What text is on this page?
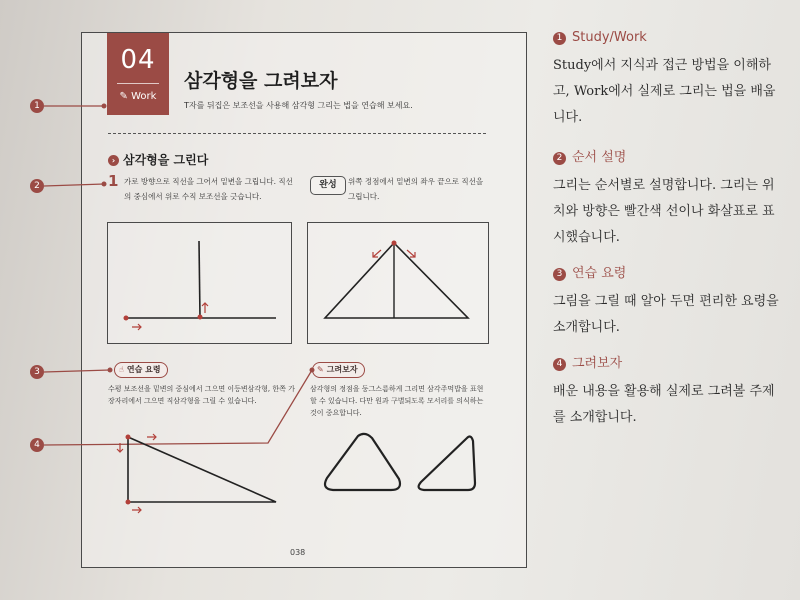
04
✎ Work
삼각형을 그려보자
T자를 뒤집은 보조선을 사용해 삼각형 그리는 법을 연습해 보세요.
› 삼각형을 그린다
1 가로 방향으로 직선을 그어서 밑변을 그립니다. 직선의 중심에서 위로 수직 보조선을 긋습니다.
완성	위쪽 정점에서 밑변의 좌우 끝으로 직선을 그립니다.
☝ 연습 요령
수평 보조선을 밑변의 중심에서 그으면 이등변삼각형, 한쪽 가장자리에서 그으면 직삼각형을 그릴 수 있습니다.
✎ 그려보자
삼각형의 정점을 둥그스름하게 그리면 삼각주먹밥을 표현할 수 있습니다. 다만 원과 구별되도록 모서리를 의식하는 것이 중요합니다.
038
1
2
3
4
1 Study/Work
Study에서 지식과 접근 방법을 이해하고, Work에서 실제로 그리는 법을 배웁니다.
2 순서 설명
그리는 순서별로 설명합니다. 그리는 위치와 방향은 빨간색 선이나 화살표로 표시했습니다.
3 연습 요령
그림을 그릴 때 알아 두면 편리한 요령을 소개합니다.
4 그려보자
배운 내용을 활용해 실제로 그려볼 주제를 소개합니다.
